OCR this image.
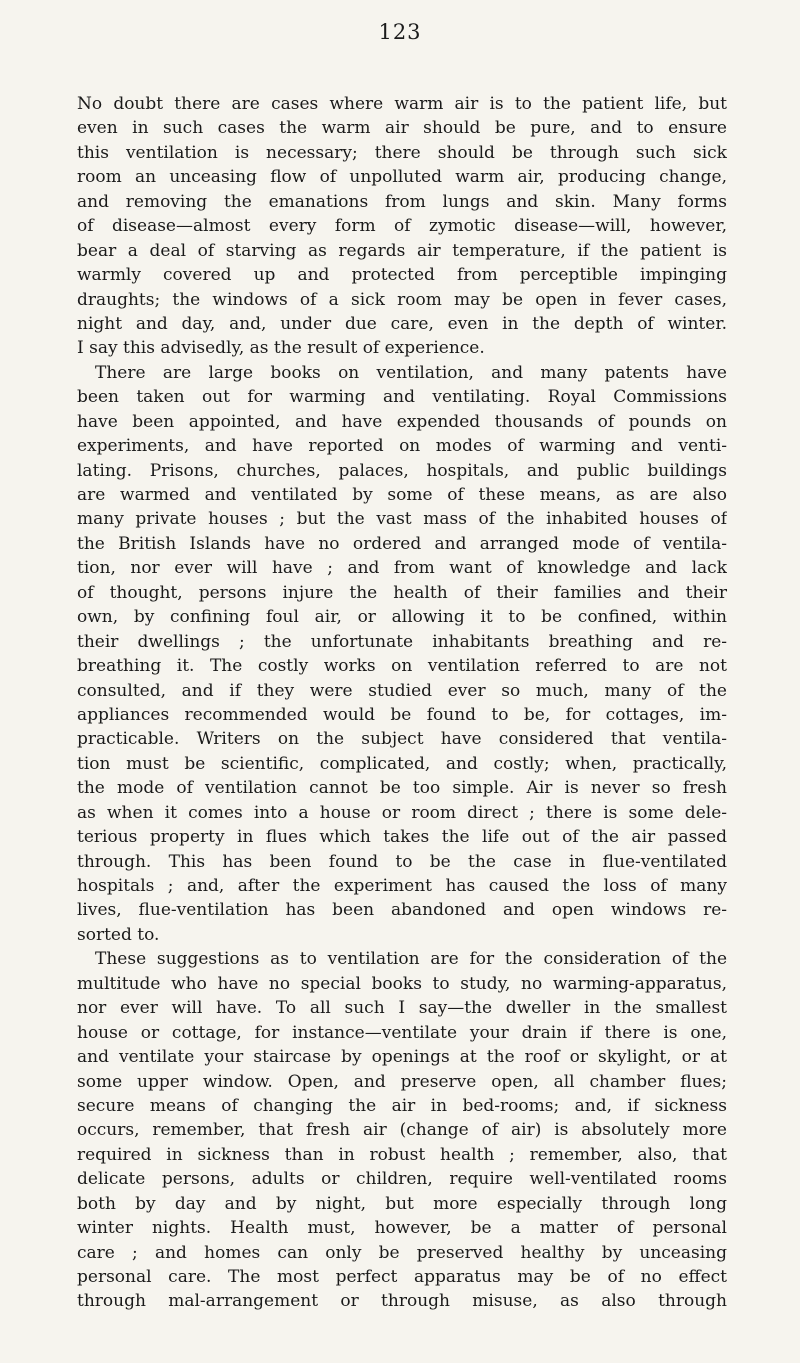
123
No doubt there are cases where warm air is to the patient life, but
even in such cases the warm air should be pure, and to ensure
this ventilation is necessary; there should be through such sick
room an unceasing flow of unpolluted warm air, producing change,
and removing the emanations from lungs and skin. Many forms
of disease—almost every form of zymotic disease—will, however,
bear a deal of starving as regards air temperature, if the patient is
warmly covered up and protected from perceptible impinging
draughts; the windows of a sick room may be open in fever cases,
night and day, and, under due care, even in the depth of winter.
I say this advisedly, as the result of experience.
There are large books on ventilation, and many patents have
been taken out for warming and ventilating. Royal Commissions
have been appointed, and have expended thousands of pounds on
experiments, and have reported on modes of warming and venti-
lating. Prisons, churches, palaces, hospitals, and public buildings
are warmed and ventilated by some of these means, as are also
many private houses ; but the vast mass of the inhabited houses of
the British Islands have no ordered and arranged mode of ventila-
tion, nor ever will have ; and from want of knowledge and lack
of thought, persons injure the health of their families and their
own, by confining foul air, or allowing it to be confined, within
their dwellings ; the unfortunate inhabitants breathing and re-
breathing it. The costly works on ventilation referred to are not
consulted, and if they were studied ever so much, many of the
appliances recommended would be found to be, for cottages, im-
practicable. Writers on the subject have considered that ventila-
tion must be scientific, complicated, and costly; when, practically,
the mode of ventilation cannot be too simple. Air is never so fresh
as when it comes into a house or room direct ; there is some dele-
terious property in flues which takes the life out of the air passed
through. This has been found to be the case in flue-ventilated
hospitals ; and, after the experiment has caused the loss of many
lives, flue-ventilation has been abandoned and open windows re-
sorted to.
These suggestions as to ventilation are for the consideration of the
multitude who have no special books to study, no warming-apparatus,
nor ever will have. To all such I say—the dweller in the smallest
house or cottage, for instance—ventilate your drain if there is one,
and ventilate your staircase by openings at the roof or skylight, or at
some upper window. Open, and preserve open, all chamber flues;
secure means of changing the air in bed-rooms; and, if sickness
occurs, remember, that fresh air (change of air) is absolutely more
required in sickness than in robust health ; remember, also, that
delicate persons, adults or children, require well-ventilated rooms
both by day and by night, but more especially through long
winter nights. Health must, however, be a matter of personal
care ; and homes can only be preserved healthy by unceasing
personal care. The most perfect apparatus may be of no effect
through mal-arrangement or through misuse, as also through
